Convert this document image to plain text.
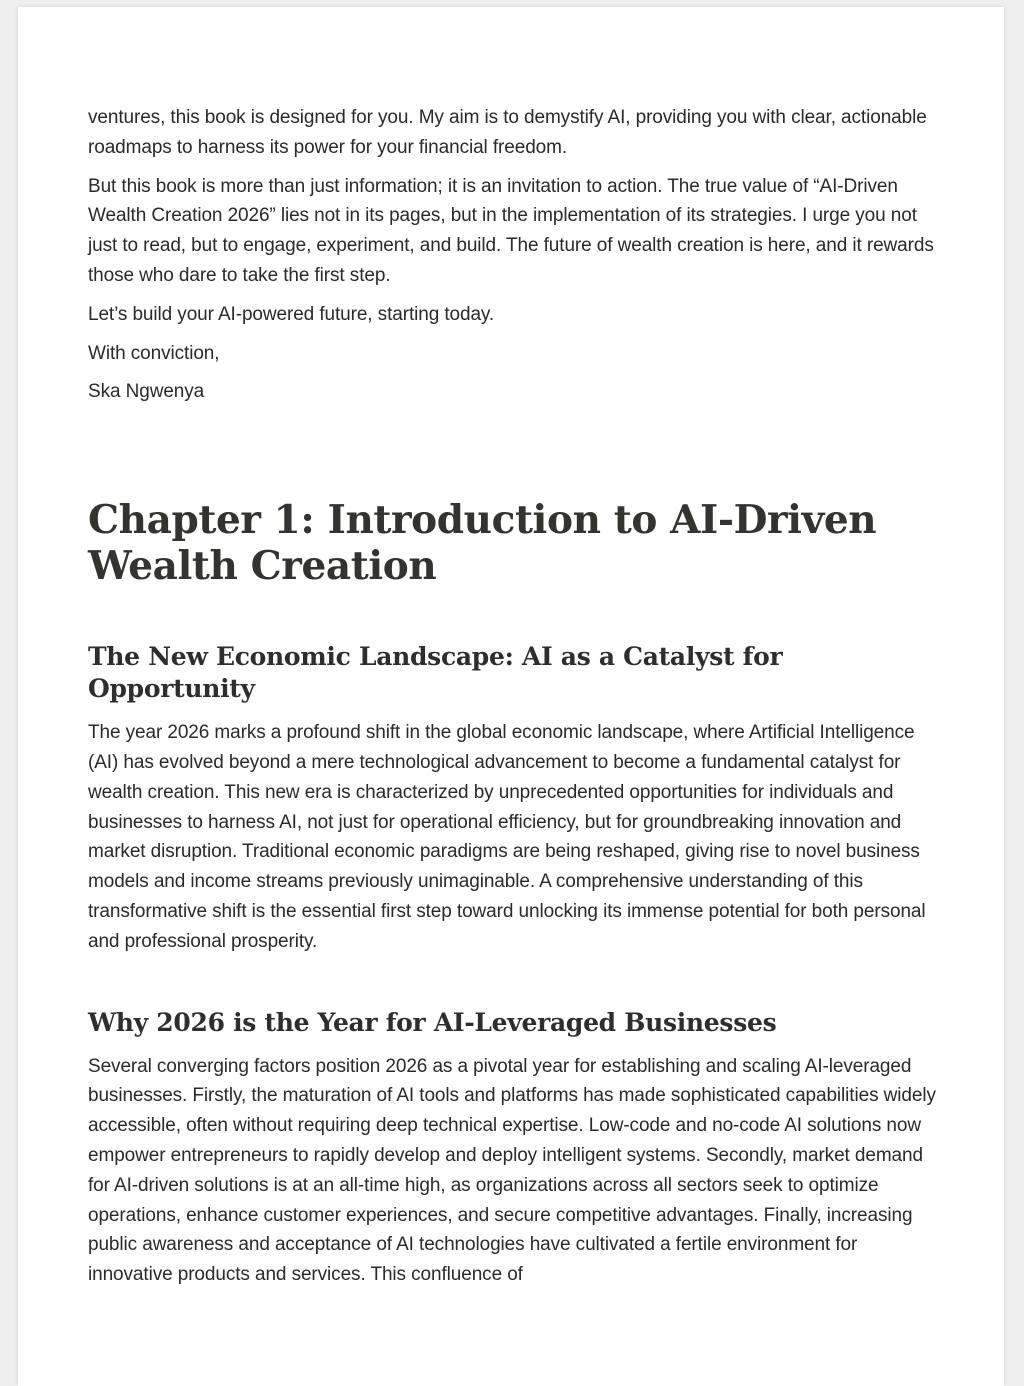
ventures, this book is designed for you. My aim is to demystify AI, providing you with clear, actionable roadmaps to harness its power for your financial freedom.

But this book is more than just information; it is an invitation to action. The true value of “AI-Driven Wealth Creation 2026” lies not in its pages, but in the implementation of its strategies. I urge you not just to read, but to engage, experiment, and build. The future of wealth creation is here, and it rewards those who dare to take the first step.

Let’s build your AI-powered future, starting today.

With conviction,

Ska Ngwenya

Chapter 1: Introduction to AI-Driven Wealth Creation
The New Economic Landscape: AI as a Catalyst for Opportunity

The year 2026 marks a profound shift in the global economic landscape, where Artificial Intelligence (AI) has evolved beyond a mere technological advancement to become a fundamental catalyst for wealth creation. This new era is characterized by unprecedented opportunities for individuals and businesses to harness AI, not just for operational efficiency, but for groundbreaking innovation and market disruption. Traditional economic paradigms are being reshaped, giving rise to novel business models and income streams previously unimaginable. A comprehensive understanding of this transformative shift is the essential first step toward unlocking its immense potential for both personal and professional prosperity.

Why 2026 is the Year for AI-Leveraged Businesses

Several converging factors position 2026 as a pivotal year for establishing and scaling AI-leveraged businesses. Firstly, the maturation of AI tools and platforms has made sophisticated capabilities widely accessible, often without requiring deep technical expertise. Low-code and no-code AI solutions now empower entrepreneurs to rapidly develop and deploy intelligent systems. Secondly, market demand for AI-driven solutions is at an all-time high, as organizations across all sectors seek to optimize operations, enhance customer experiences, and secure competitive advantages. Finally, increasing public awareness and acceptance of AI technologies have cultivated a fertile environment for innovative products and services. This confluence of
